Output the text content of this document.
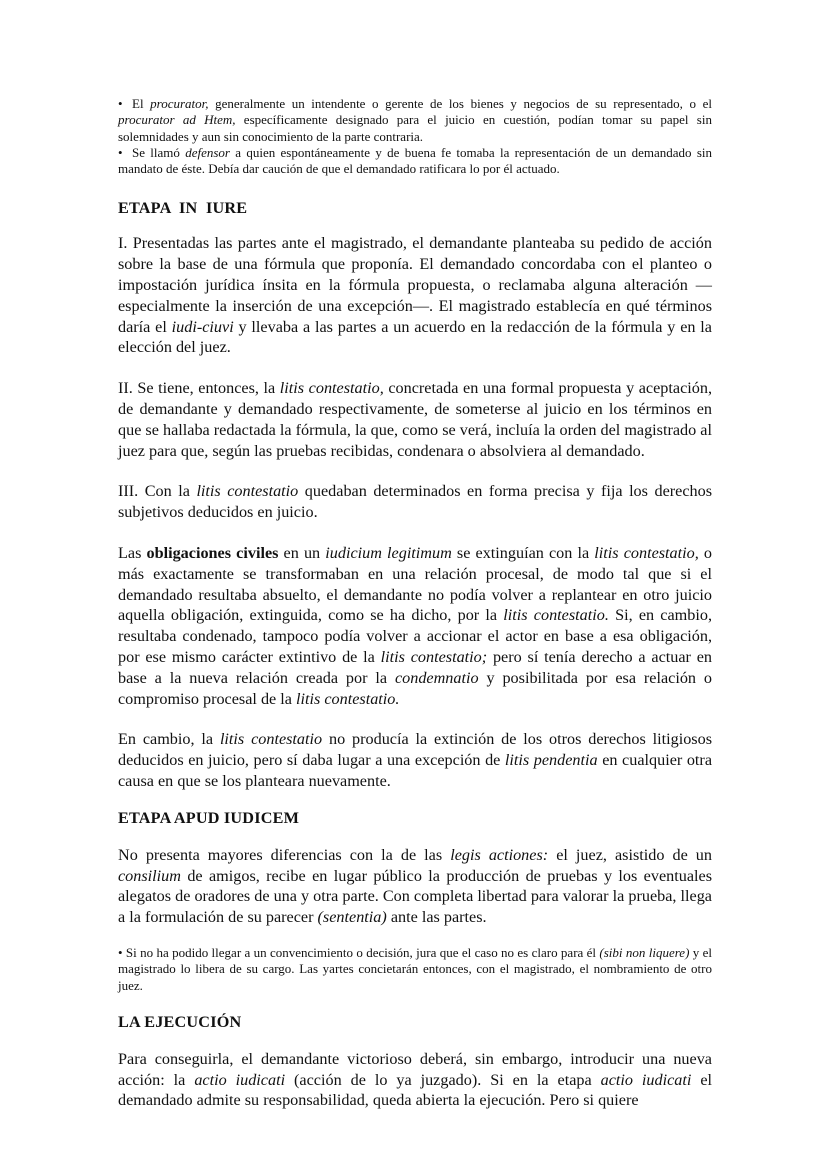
• El procurator, generalmente un intendente o gerente de los bienes y negocios de su representado, o el procurator ad Htem, específicamente designado para el juicio en cuestión, podían tomar su papel sin solemnidades y aun sin conocimiento de la parte contraria.

• Se llamó defensor a quien espontáneamente y de buena fe tomaba la representación de un demandado sin mandato de éste. Debía dar caución de que el demandado ratificara lo por él actuado.

ETAPA  IN  IURE

I. Presentadas las partes ante el magistrado, el demandante planteaba su pedido de acción sobre la base de una fórmula que proponía. El demandado concordaba con el planteo o impostación jurídica ínsita en la fórmula propuesta, o reclamaba alguna alteración —especialmente la inserción de una excepción—. El magistrado establecía en qué términos daría el iudi-ciuvi y llevaba a las partes a un acuerdo en la redacción de la fórmula y en la elección del juez.

II. Se tiene, entonces, la litis contestatio, concretada en una formal propuesta y aceptación, de demandante y demandado respectivamente, de someterse al juicio en los términos en que se hallaba redactada la fórmula, la que, como se verá, incluía la orden del magistrado al juez para que, según las pruebas recibidas, condenara o absolviera al demandado.

III. Con la litis contestatio quedaban determinados en forma precisa y fija los derechos subjetivos deducidos en juicio.

Las obligaciones civiles en un iudicium legitimum se extinguían con la litis contestatio, o más exactamente se transformaban en una relación procesal, de modo tal que si el demandado resultaba absuelto, el demandante no podía volver a replantear en otro juicio aquella obligación, extinguida, como se ha dicho, por la litis contestatio. Si, en cambio, resultaba condenado, tampoco podía volver a accionar el actor en base a esa obligación, por ese mismo carácter extintivo de la litis contestatio; pero sí tenía derecho a actuar en base a la nueva relación creada por la condemnatio y posibilitada por esa relación o compromiso procesal de la litis contestatio.

En cambio, la litis contestatio no producía la extinción de los otros derechos litigiosos deducidos en juicio, pero sí daba lugar a una excepción de litis pendentia en cualquier otra causa en que se los planteara nuevamente.

ETAPA APUD IUDICEM

No presenta mayores diferencias con la de las legis actiones: el juez, asistido de un consilium de amigos, recibe en lugar público la producción de pruebas y los eventuales alegatos de oradores de una y otra parte. Con completa libertad para valorar la prueba, llega a la formulación de su parecer (sententia) ante las partes.

• Si no ha podido llegar a un convencimiento o decisión, jura que el caso no es claro para él (sibi non liquere) y el magistrado lo libera de su cargo. Las yartes concietarán entonces, con el magistrado, el nombramiento de otro juez.

LA EJECUCIÓN

Para conseguirla, el demandante victorioso deberá, sin embargo, introducir una nueva acción: la actio iudicati (acción de lo ya juzgado). Si en la etapa actio iudicati el demandado admite su responsabilidad, queda abierta la ejecución. Pero si quiere
